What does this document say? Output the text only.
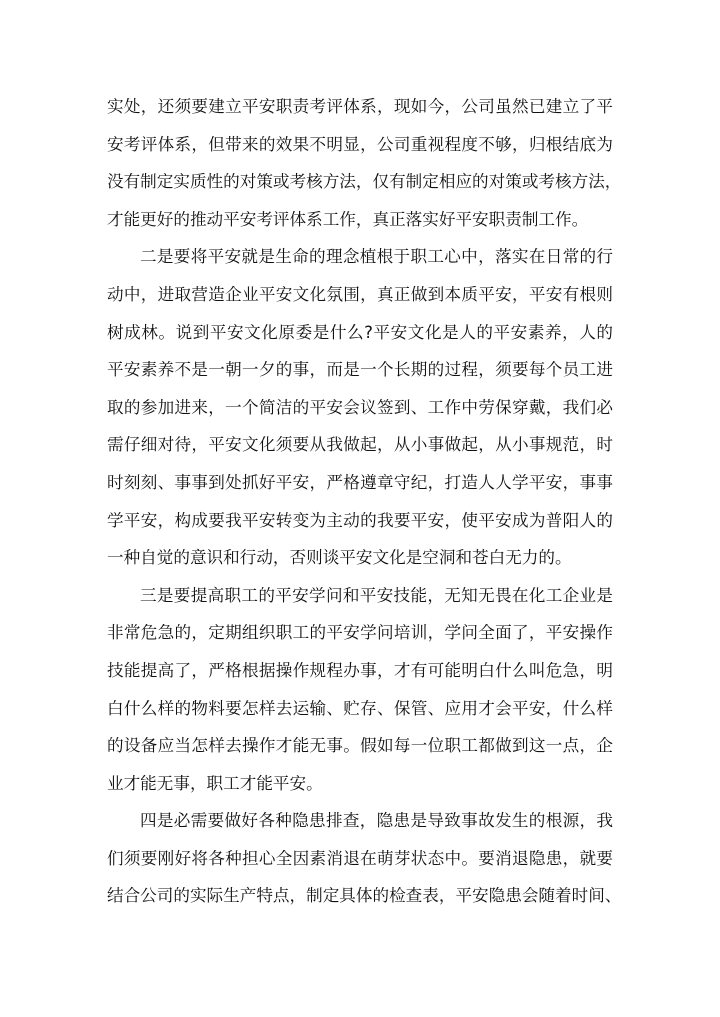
实处，还须要建立平安职责考评体系，现如今，公司虽然已建立了平
安考评体系，但带来的效果不明显，公司重视程度不够，归根结底为
没有制定实质性的对策或考核方法，仅有制定相应的对策或考核方法，
才能更好的推动平安考评体系工作，真正落实好平安职责制工作。
二是要将平安就是生命的理念植根于职工心中，落实在日常的行
动中，进取营造企业平安文化氛围，真正做到本质平安，平安有根则
树成林。说到平安文化原委是什么?平安文化是人的平安素养，人的
平安素养不是一朝一夕的事，而是一个长期的过程，须要每个员工进
取的参加进来，一个简洁的平安会议签到、工作中劳保穿戴，我们必
需仔细对待，平安文化须要从我做起，从小事做起，从小事规范，时
时刻刻、事事到处抓好平安，严格遵章守纪，打造人人学平安，事事
学平安，构成要我平安转变为主动的我要平安，使平安成为普阳人的
一种自觉的意识和行动，否则谈平安文化是空洞和苍白无力的。
三是要提高职工的平安学问和平安技能，无知无畏在化工企业是
非常危急的，定期组织职工的平安学问培训，学问全面了，平安操作
技能提高了，严格根据操作规程办事，才有可能明白什么叫危急，明
白什么样的物料要怎样去运输、贮存、保管、应用才会平安，什么样
的设备应当怎样去操作才能无事。假如每一位职工都做到这一点，企
业才能无事，职工才能平安。
四是必需要做好各种隐患排查，隐患是导致事故发生的根源，我
们须要刚好将各种担心全因素消退在萌芽状态中。要消退隐患，就要
结合公司的实际生产特点，制定具体的检查表，平安隐患会随着时间、
